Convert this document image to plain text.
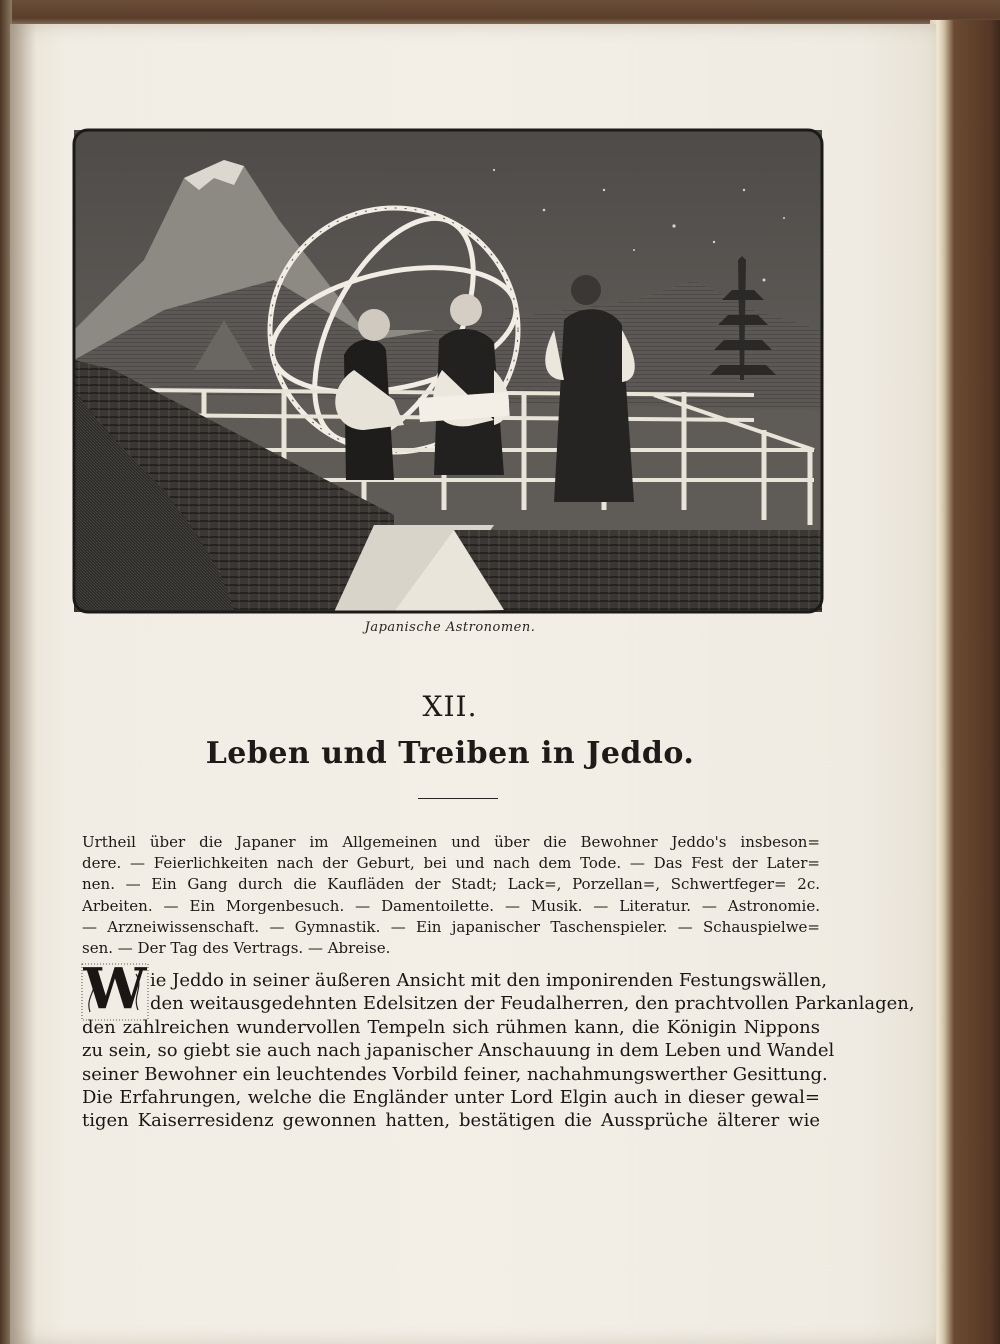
Japanische Astronomen.
XII.
Leben und Treiben in Jeddo.
Urtheil über die Japaner im Allgemeinen und über die Bewohner Jeddo's insbeson=
dere. — Feierlichkeiten nach der Geburt, bei und nach dem Tode. — Das Fest der Later=
nen. — Ein Gang durch die Kaufläden der Stadt; Lack=, Porzellan=, Schwertfeger= 2c.
Arbeiten. — Ein Morgenbesuch. — Damentoilette. — Musik. — Literatur. — Astronomie.
— Arzneiwissenschaft. — Gymnastik. — Ein japanischer Taschenspieler. — Schauspielwe=
sen. — Der Tag des Vertrags. — Abreise.
W ie Jeddo in seiner äußeren Ansicht mit den imponirenden Festungswällen,
den weitausgedehnten Edelsitzen der Feudalherren, den prachtvollen Parkanlagen,
den zahlreichen wundervollen Tempeln sich rühmen kann, die Königin Nippons
zu sein, so giebt sie auch nach japanischer Anschauung in dem Leben und Wandel
seiner Bewohner ein leuchtendes Vorbild feiner, nachahmungswerther Gesittung.
Die Erfahrungen, welche die Engländer unter Lord Elgin auch in dieser gewal=
tigen Kaiserresidenz gewonnen hatten, bestätigen die Aussprüche älterer wie
